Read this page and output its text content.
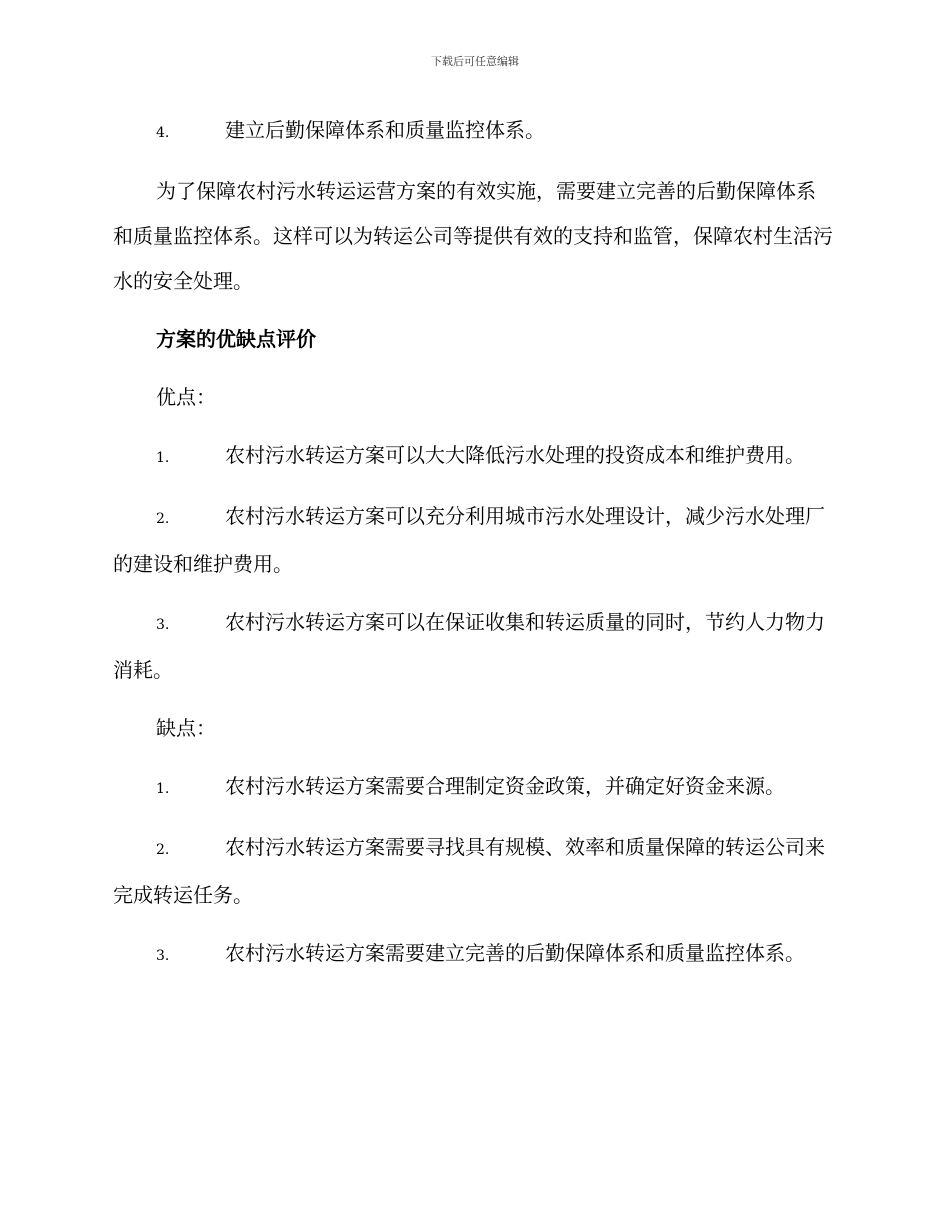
下载后可任意编辑

4.	建立后勤保障体系和质量监控体系。

为了保障农村污水转运运营方案的有效实施，需要建立完善的后勤保障体系和质量监控体系。这样可以为转运公司等提供有效的支持和监管，保障农村生活污水的安全处理。

方案的优缺点评价

优点：

1.	农村污水转运方案可以大大降低污水处理的投资成本和维护费用。

2.	农村污水转运方案可以充分利用城市污水处理设计，减少污水处理厂的建设和维护费用。

3.	农村污水转运方案可以在保证收集和转运质量的同时，节约人力物力消耗。

缺点：

1.	农村污水转运方案需要合理制定资金政策，并确定好资金来源。

2.	农村污水转运方案需要寻找具有规模、效率和质量保障的转运公司来完成转运任务。

3.	农村污水转运方案需要建立完善的后勤保障体系和质量监控体系。
